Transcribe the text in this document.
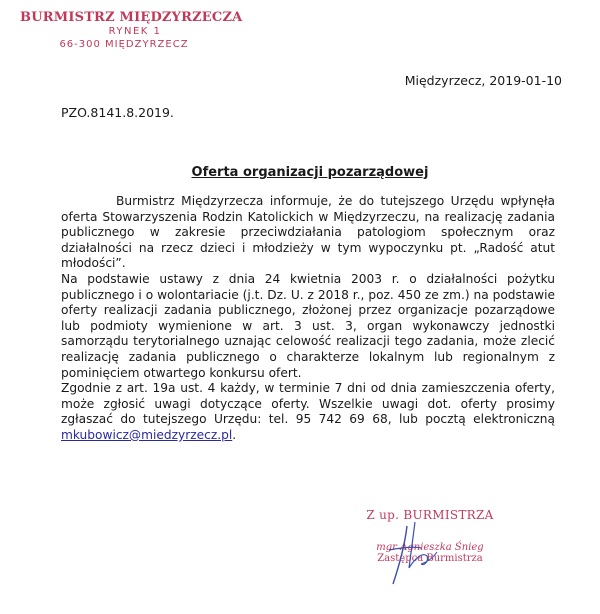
BURMISTRZ MIĘDZYRZECZA
RYNEK 1
66-300 MIĘDZYRZECZ
Międzyrzecz, 2019-01-10
PZO.8141.8.2019.
Oferta organizacji pozarządowej

Burmistrz Międzyrzecza informuje, że do tutejszego Urzędu wpłynęła oferta Stowarzyszenia Rodzin Katolickich w Międzyrzeczu, na realizację zadania publicznego w zakresie przeciwdziałania patologiom społecznym oraz działalności na rzecz dzieci i młodzieży w tym wypoczynku pt. „Radość atut młodości”.

Na podstawie ustawy z dnia 24 kwietnia 2003 r. o działalności pożytku publicznego i o wolontariacie (j.t. Dz. U. z 2018 r., poz. 450 ze zm.) na podstawie oferty realizacji zadania publicznego, złożonej przez organizacje pozarządowe lub podmioty wymienione w art. 3 ust. 3, organ wykonawczy jednostki samorządu terytorialnego uznając celowość realizacji tego zadania, może zlecić realizację zadania publicznego o charakterze lokalnym lub regionalnym z pominięciem otwartego konkursu ofert.

Zgodnie z art. 19a ust. 4 każdy, w terminie 7 dni od dnia zamieszczenia oferty, może zgłosić uwagi dotyczące oferty. Wszelkie uwagi dot. oferty prosimy zgłaszać do tutejszego Urzędu: tel. 95 742 69 68, lub pocztą elektroniczną mkubowicz@miedzyrzecz.pl.

Z up. BURMISTRZA
mgr Agnieszka Śnieg
Zastępca Burmistrza
